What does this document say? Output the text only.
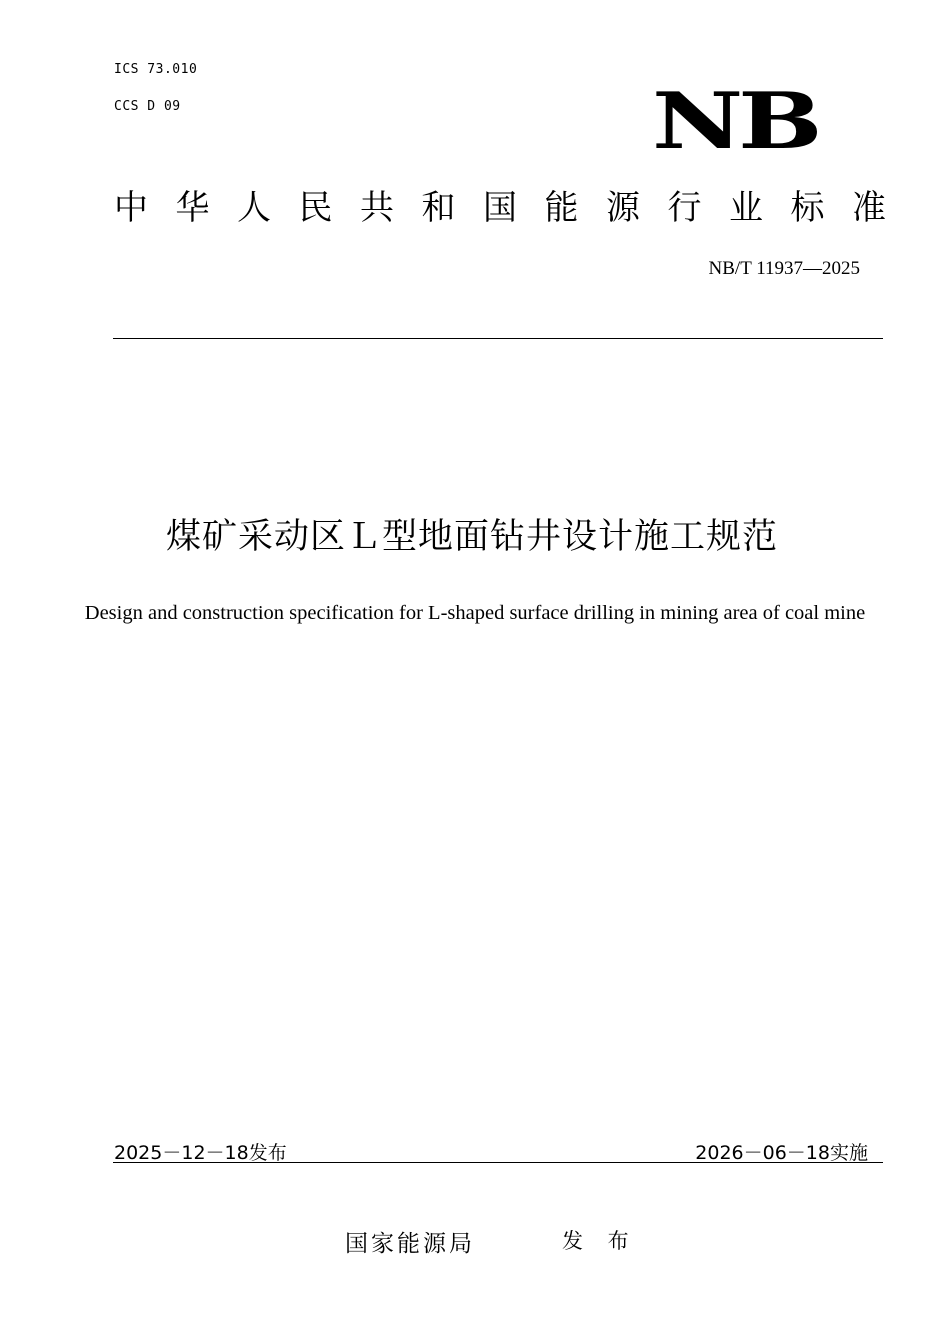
ICS 73.010
CCS D 09	NB
中华人民共和国能源行业标准
NB/T 11937—2025
煤矿采动区Ｌ型地面钻井设计施工规范
Design and construction specification for L-shaped surface drilling in mining area of coal mine
2025－12－18发布	2026－06－18实施
国家能源局	发 布
